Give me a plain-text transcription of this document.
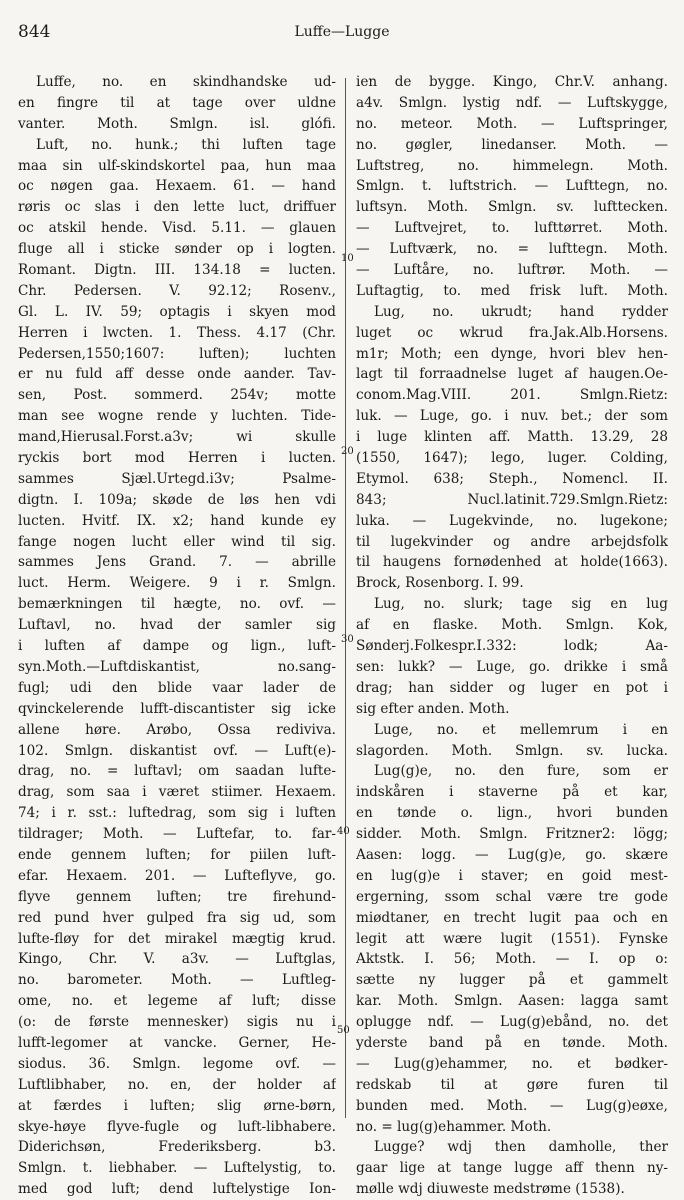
844	Luffe—Lugge
Luffe, no. en skindhandske ud-
en fingre til at tage over uldne
vanter. Moth. Smlgn. isl. glófi.
Luft, no. hunk.; thi luften tage
maa sin ulf-skindskortel paa, hun maa
oc nøgen gaa. Hexaem. 61. — hand
røris oc slas i den lette luct, driffuer
oc atskil hende. Visd. 5.11. — glauen
fluge all i sticke sønder op i logten.
Romant. Digtn. III. 134.18 = lucten.
Chr. Pedersen. V. 92.12; Rosenv.,
Gl. L. IV. 59; optagis i skyen mod
Herren i lwcten. 1. Thess. 4.17 (Chr.
Pedersen,1550;1607: luften); luchten
er nu fuld aff desse onde aander. Tav-
sen, Post. sommerd. 254v; motte
man see wogne rende y luchten. Tide-
mand,Hierusal.Forst.a3v; wi skulle
ryckis bort mod Herren i lucten.
sammes Sjæl.Urtegd.i3v; Psalme-
digtn. I. 109a; skøde de løs hen vdi
lucten. Hvitf. IX. x2; hand kunde ey
fange nogen lucht eller wind til sig.
sammes Jens Grand. 7. — abrille
luct. Herm. Weigere. 9 i r. Smlgn.
bemærkningen til hægte, no. ovf. —
Luftavl, no. hvad der samler sig
i luften af dampe og lign., luft-
syn.Moth.—Luftdiskantist, no.sang-
fugl; udi den blide vaar lader de
qvinckelerende lufft-discantister sig icke
allene høre. Arøbo, Ossa rediviva.
102. Smlgn. diskantist ovf. — Luft(e)-
drag, no. = luftavl; om saadan lufte-
drag, som saa i været stiimer. Hexaem.
74; i r. sst.: luftedrag, som sig i luften
tildrager; Moth. — Luftefar, to. far-
ende gennem luften; for piilen luft-
efar. Hexaem. 201. — Lufteflyve, go.
flyve gennem luften; tre firehund-
red pund hver gulped fra sig ud, som
lufte-fløy for det mirakel mægtig krud.
Kingo, Chr. V. a3v. — Luftglas,
no. barometer. Moth. — Luftleg-
ome, no. et legeme af luft; disse
(o: de første mennesker) sigis nu i
lufft-legomer at vancke. Gerner, He-
siodus. 36. Smlgn. legome ovf. —
Luftlibhaber, no. en, der holder af
at færdes i luften; slig ørne-børn,
skye-høye flyve-fugle og luft-libhabere.
Diderichsøn, Frederiksberg. b3.
Smlgn. t. liebhaber. — Luftelystig, to.
med god luft; dend luftelystige Ion-
ien de bygge. Kingo, Chr.V. anhang.
a4v. Smlgn. lystig ndf. — Luftskygge,
no. meteor. Moth. — Luftspringer,
no. gøgler, linedanser. Moth. —
Luftstreg, no. himmelegn. Moth.
Smlgn. t. luftstrich. — Lufttegn, no.
luftsyn. Moth. Smlgn. sv. lufttecken.
— Luftvejret, to. lufttørret. Moth.
— Luftværk, no. = lufttegn. Moth.
— Luftåre, no. luftrør. Moth. —
Luftagtig, to. med frisk luft. Moth.
Lug, no. ukrudt; hand rydder
luget oc wkrud fra.Jak.Alb.Horsens.
m1r; Moth; een dynge, hvori blev hen-
lagt til forraadnelse luget af haugen.Oe-
conom.Mag.VIII. 201. Smlgn.Rietz:
luk. — Luge, go. i nuv. bet.; der som
i luge klinten aff. Matth. 13.29, 28
(1550, 1647); lego, luger. Colding,
Etymol. 638; Steph., Nomencl. II.
843; Nucl.latinit.729.Smlgn.Rietz:
luka. — Lugekvinde, no. lugekone;
til lugekvinder og andre arbejdsfolk
til haugens fornødenhed at holde(1663).
Brock, Rosenborg. I. 99.
Lug, no. slurk; tage sig en lug
af en flaske. Moth. Smlgn. Kok,
Sønderj.Folkespr.I.332: lodk; Aa-
sen: lukk? — Luge, go. drikke i små
drag; han sidder og luger en pot i
sig efter anden. Moth.
Luge, no. et mellemrum i en
slagorden. Moth. Smlgn. sv. lucka.
Lug(g)e, no. den fure, som er
indskåren i staverne på et kar,
en tønde o. lign., hvori bunden
sidder. Moth. Smlgn. Fritzner2: lögg;
Aasen: logg. — Lug(g)e, go. skære
en lug(g)e i staver; en goid mest-
ergerning, ssom schal være tre gode
miødtaner, en trecht lugit paa och en
legit att wære lugit (1551). Fynske
Aktstk. I. 56; Moth. — I. op o:
sætte ny lugger på et gammelt
kar. Moth. Smlgn. Aasen: lagga samt
oplugge ndf. — Lug(g)ebånd, no. det
yderste band på en tønde. Moth.
— Lug(g)ehammer, no. et bødker-
redskab til at gøre furen til
bunden med. Moth. — Lug(g)eøxe,
no. = lug(g)ehammer. Moth.
Lugge? wdj then damholle, ther
gaar lige at tange lugge aff thenn ny-
mølle wdj diuweste medstrøme (1538).
10
20
30
40
50
